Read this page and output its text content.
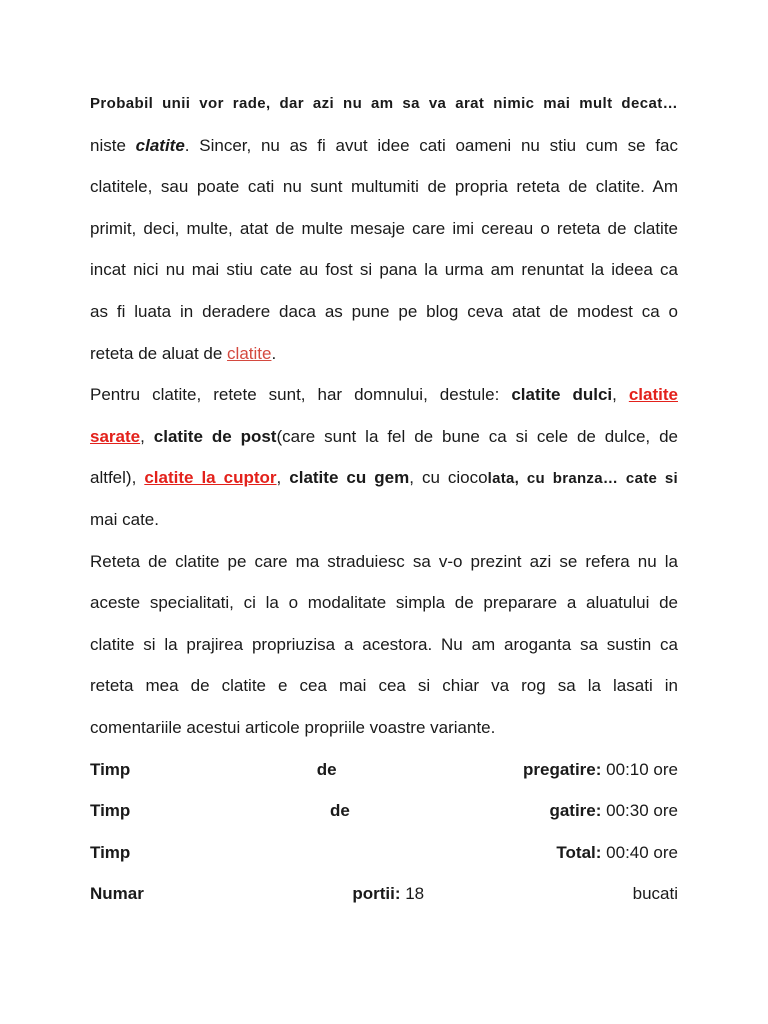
Probabil unii vor rade, dar azi nu am sa va arat nimic mai mult decat…
niste clatite. Sincer, nu as fi avut idee cati oameni nu stiu cum se fac
clatitele, sau poate cati nu sunt multumiti de propria reteta de clatite. Am
primit, deci, multe, atat de multe mesaje care imi cereau o reteta de clatite
incat nici nu mai stiu cate au fost si pana la urma am renuntat la ideea ca
as fi luata in deradere daca as pune pe blog ceva atat de modest ca o
reteta de aluat de clatite.
Pentru clatite, retete sunt, har domnului, destule: clatite dulci, clatite
sarate, clatite de post(care sunt la fel de bune ca si cele de dulce, de
altfel), clatite la cuptor, clatite cu gem, cu ciocolata, cu branza… cate si
mai cate.
Reteta de clatite pe care ma straduiesc sa v-o prezint azi se refera nu la
aceste specialitati, ci la o modalitate simpla de preparare a aluatului de
clatite si la prajirea propriuzisa a acestora. Nu am aroganta sa sustin ca
reteta mea de clatite e cea mai cea si chiar va rog sa la lasati in
comentariile acestui articole propriile voastre variante.
Timp	de	pregatire: 00:10 ore
Timp	de	gatire: 00:30 ore
Timp	Total: 00:40 ore
Numar	portii: 18	bucati
